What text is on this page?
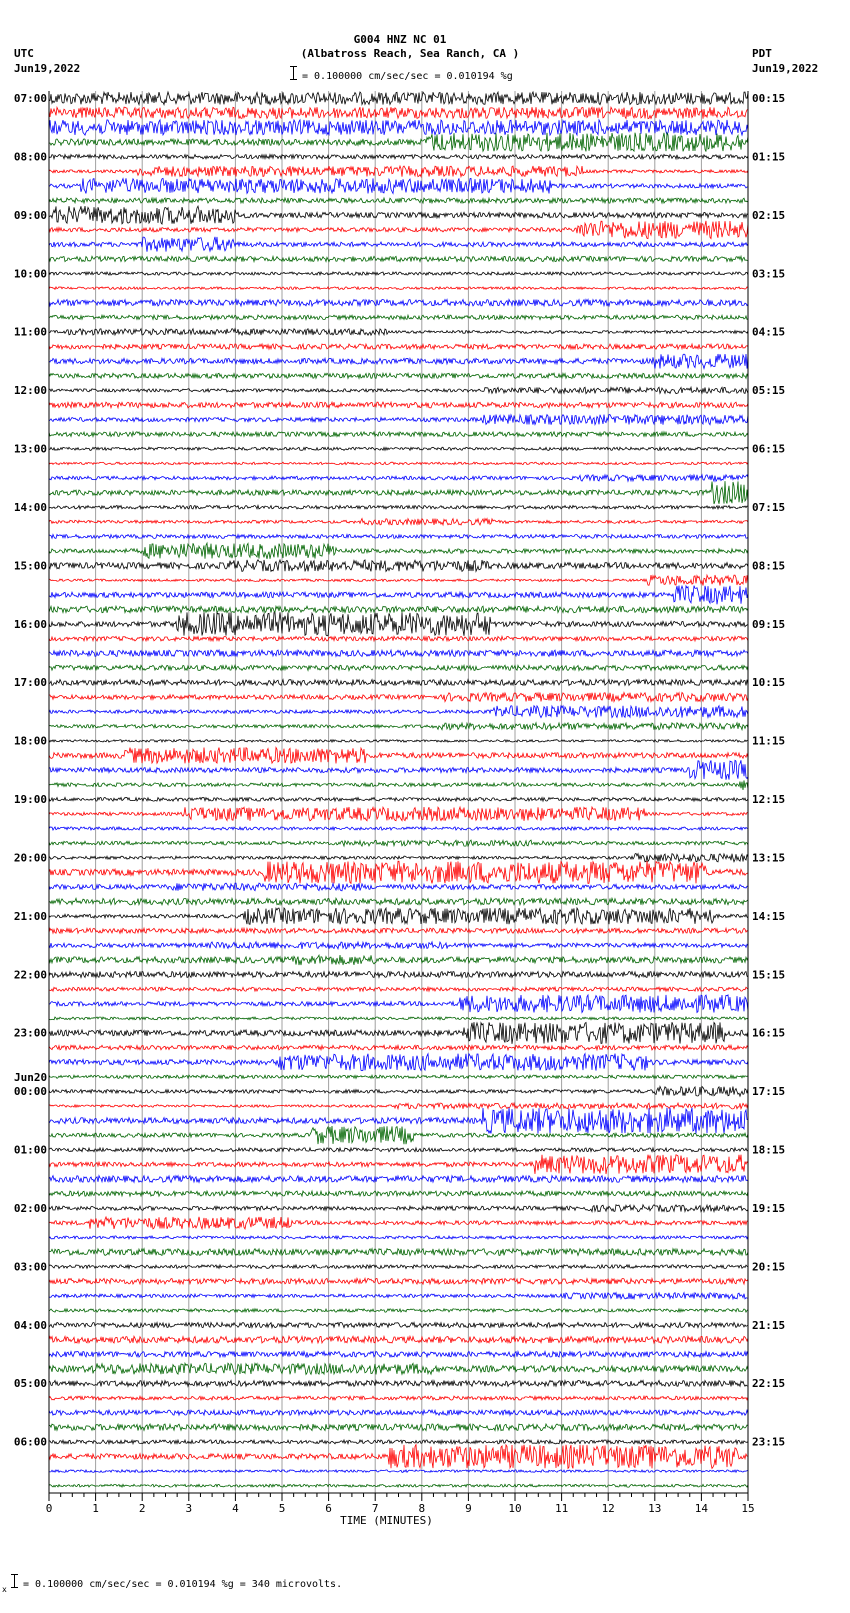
G004 HNZ NC 01
(Albatross Reach, Sea Ranch, CA )
= 0.100000 cm/sec/sec = 0.010194 %g
UTC
Jun19,2022
PDT
Jun19,2022
0	1	2	3	4	5	6	7	8	9	10	11	12	13	14	15
TIME (MINUTES)
07:00
08:00
09:00
10:00
11:00
12:00
13:00
14:00
15:00
16:00
17:00
18:00
19:00
20:00
21:00
22:00
23:00
00:00
Jun20
01:00
02:00
03:00
04:00
05:00
06:00
00:15
01:15
02:15
03:15
04:15
05:15
06:15
07:15
08:15
09:15
10:15
11:15
12:15
13:15
14:15
15:15
16:15
17:15
18:15
19:15
20:15
21:15
22:15
23:15
x = 0.100000 cm/sec/sec = 0.010194 %g = 340 microvolts.
